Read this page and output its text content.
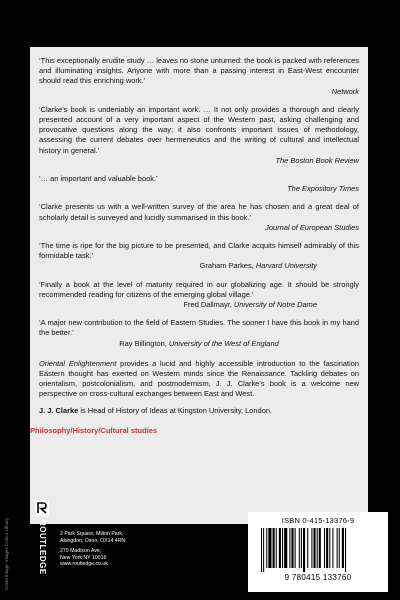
‘This exceptionally erudite study … leaves no stone unturned: the book is packed with references and illuminating insights. Anyone with more than a passing interest in East-West encounter should read this enriching work.’
Network
‘Clarke’s book is undeniably an important work. … It not only provides a thorough and clearly presented account of a very important aspect of the Western past, asking challenging and provocative questions along the way; it also confronts important issues of methodology, assessing the current debates over hermeneutics and the writing of cultural and intellectual history in general.’
The Boston Book Review
‘… an important and valuable book.’
The Expository Times
‘Clarke presents us with a well-written survey of the area he has chosen and a great deal of scholarly detail is surveyed and lucidly summarised in this book.’
Journal of European Studies
‘The time is ripe for the big picture to be presented, and Clarke acquits himself admirably of this formidable task.’
Graham Parkes, Harvard University
‘Finally a book at the level of maturity required in our globalizing age. It should be strongly recommended reading for citizens of the emerging global village.’
Fred Dallmayr, University of Notre Dame
‘A major new contribution to the field of Eastern Studies. The sooner I have this book in my hand the better.’
Ray Billington, University of the West of England
Oriental Enlightenment provides a lucid and highly accessible introduction to the fascination Eastern thought has exerted on Western minds since the Renaissance. Tackling debates on orientalism, postcolonialism, and postmodernism, J. J. Clarke’s book is a welcome new perspective on cross-cultural exchanges between East and West.
J. J. Clarke is Head of History of Ideas at Kingston University, London.
Philosophy/History/Cultural studies
Cover image: Images Colour Library	ROUTLEDGE	2 Park Square, Milton Park,
Abingdon, Oxon, OX14 4RN
270 Madison Ave,
New York NY 10016
www.routledge.co.uk
ISBN 0-415-13376-9
9 780415 133760
